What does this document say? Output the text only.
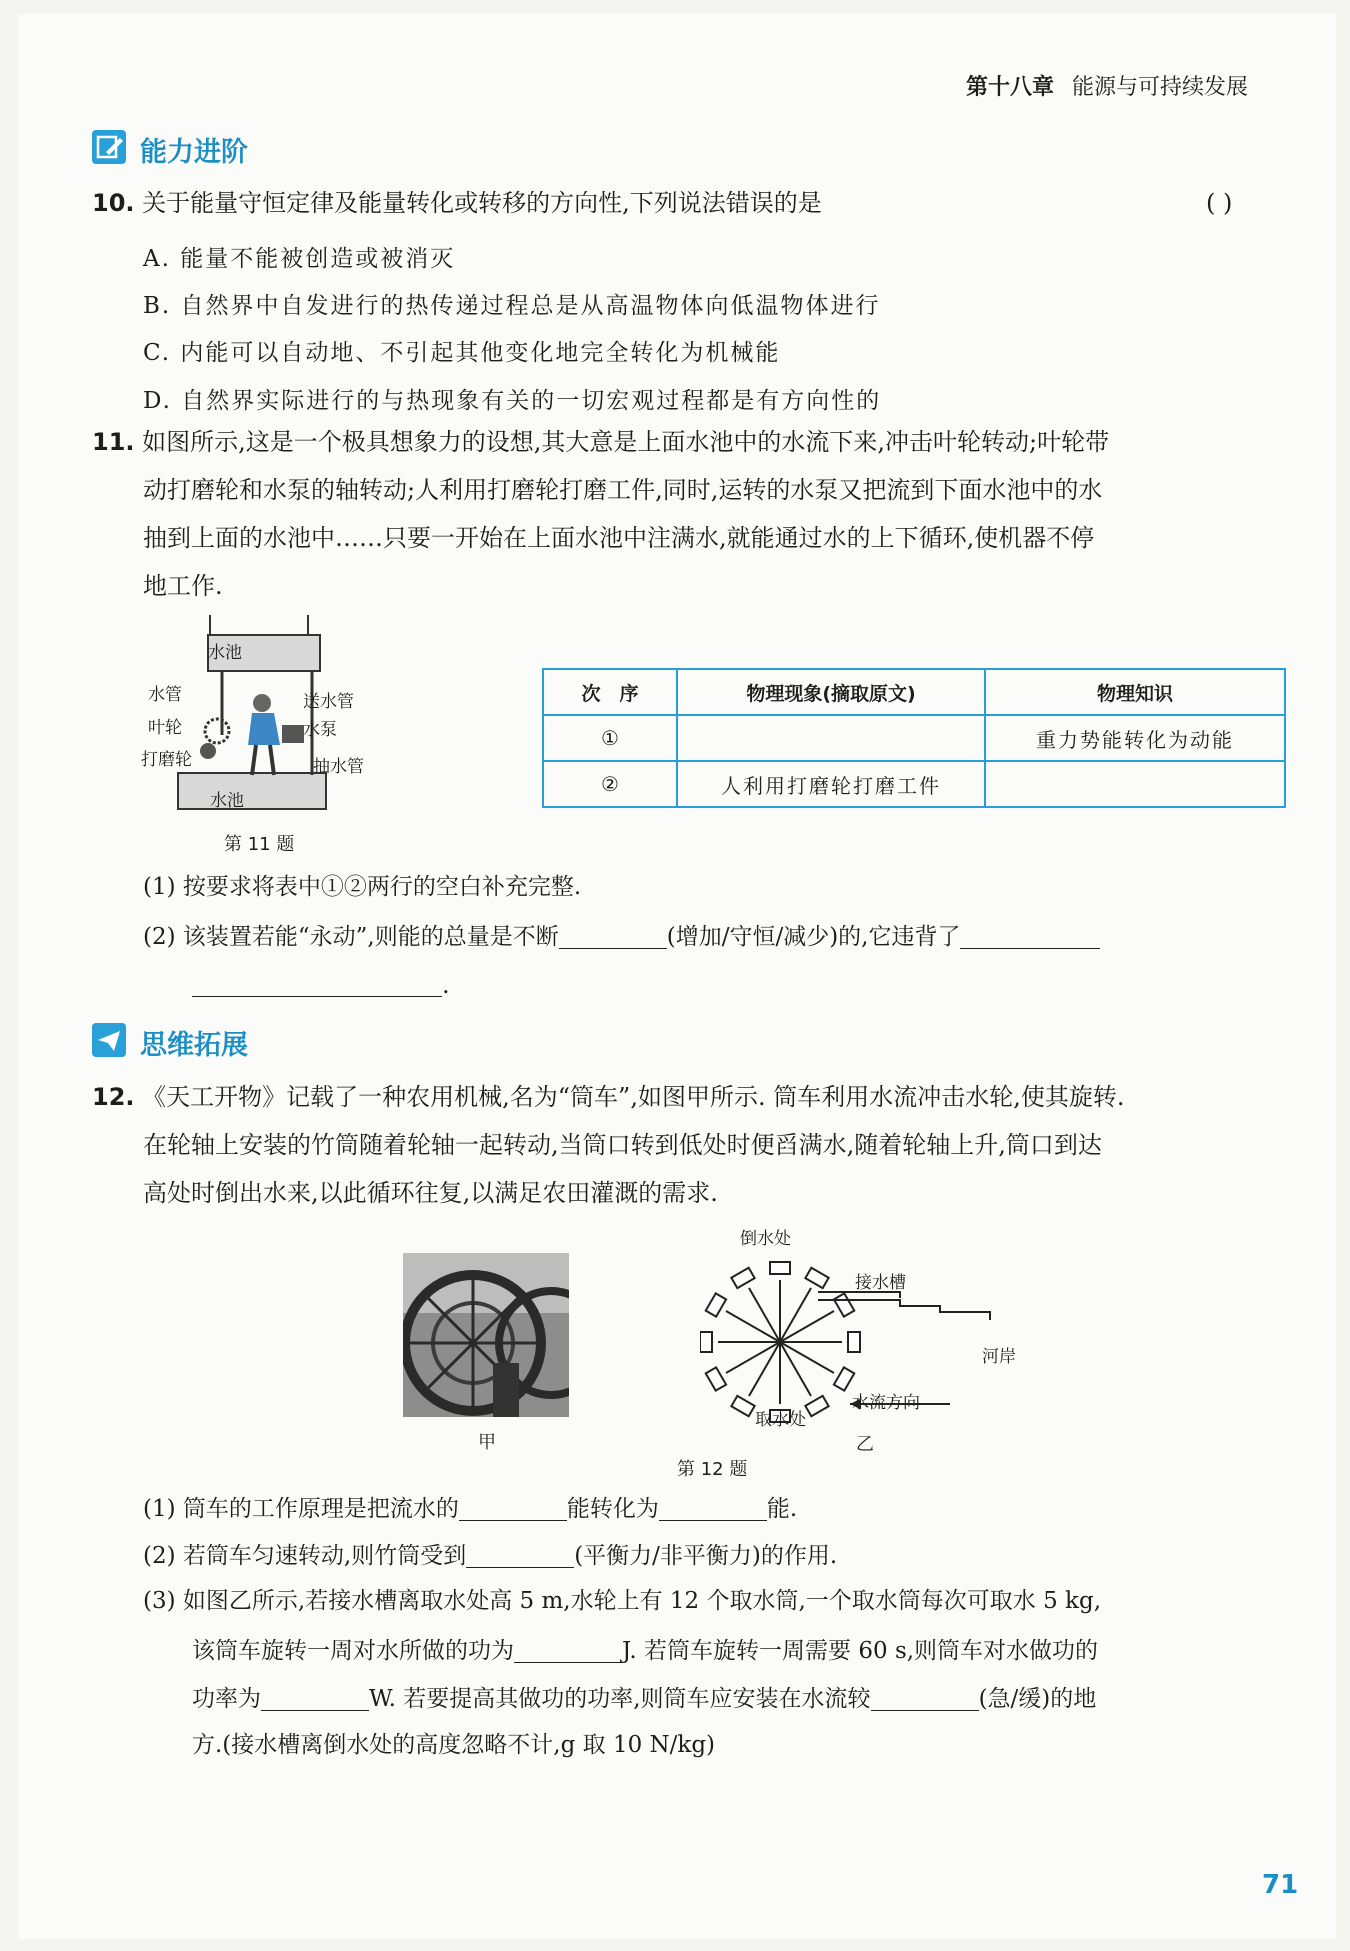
第十八章 能源与可持续发展
能力进阶
10. 关于能量守恒定律及能量转化或转移的方向性,下列说法错误的是	( )
A. 能量不能被创造或被消灭
B. 自然界中自发进行的热传递过程总是从高温物体向低温物体进行
C. 内能可以自动地、不引起其他变化地完全转化为机械能
D. 自然界实际进行的与热现象有关的一切宏观过程都是有方向性的
11. 如图所示,这是一个极具想象力的设想,其大意是上面水池中的水流下来,冲击叶轮转动;叶轮带
动打磨轮和水泵的轴转动;人利用打磨轮打磨工件,同时,运转的水泵又把流到下面水池中的水
抽到上面的水池中……只要一开始在上面水池中注满水,就能通过水的上下循环,使机器不停
地工作.
水池
水池
水管
叶轮
打磨轮
送水管
水泵
抽水管
第 11 题
次　序	物理现象(摘取原文)	物理知识
①		重力势能转化为动能
②	人利用打磨轮打磨工件	
(1) 按要求将表中①②两行的空白补充完整.
(2) 该装置若能“永动”,则能的总量是不断	(增加/守恒/减少)的,它违背了
.
思维拓展
12. 《天工开物》记载了一种农用机械,名为“筒车”,如图甲所示. 筒车利用水流冲击水轮,使其旋转.
在轮轴上安装的竹筒随着轮轴一起转动,当筒口转到低处时便舀满水,随着轮轴上升,筒口到达
高处时倒出水来,以此循环往复,以满足农田灌溉的需求.
甲
倒水处
接水槽
河岸
水流方向
取水处
乙
第 12 题
(1) 筒车的工作原理是把流水的	能转化为	能.
(2) 若筒车匀速转动,则竹筒受到	(平衡力/非平衡力)的作用.
(3) 如图乙所示,若接水槽离取水处高 5 m,水轮上有 12 个取水筒,一个取水筒每次可取水 5 kg,
该筒车旋转一周对水所做的功为	J. 若筒车旋转一周需要 60 s,则筒车对水做功的
功率为	W. 若要提高其做功的功率,则筒车应安装在水流较	(急/缓)的地
方.(接水槽离倒水处的高度忽略不计,g 取 10 N/kg)
71
